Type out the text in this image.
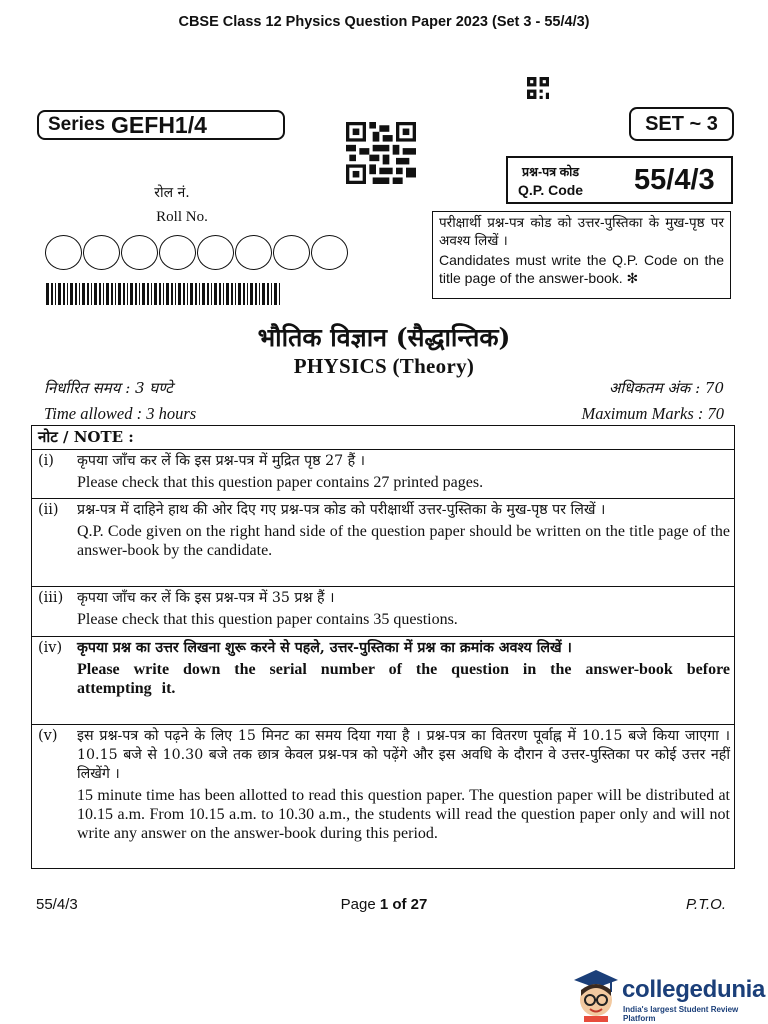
CBSE Class 12 Physics Question Paper 2023 (Set 3 - 55/4/3)
Series GEFH1/4	SET ~ 3
प्रश्न-पत्र कोड
Q.P. Code 55/4/3
रोल नं.
Roll No.	परीक्षार्थी प्रश्न-पत्र कोड को उत्तर-पुस्तिका के मुख-पृष्ठ पर अवश्य लिखें ।
Candidates must write the Q.P. Code on the title page of the answer-book. ✻
भौतिक विज्ञान (सैद्धान्तिक)
PHYSICS (Theory)
निर्धारित समय : 3 घण्टे	अधिकतम अंक : 70
Time allowed : 3 hours	Maximum Marks : 70
नोट / NOTE :
(i) कृपया जाँच कर लें कि इस प्रश्न-पत्र में मुद्रित पृष्ठ 27 हैं ।
Please check that this question paper contains 27 printed pages.
(ii) प्रश्न-पत्र में दाहिने हाथ की ओर दिए गए प्रश्न-पत्र कोड को परीक्षार्थी उत्तर-पुस्तिका के मुख-पृष्ठ पर लिखें ।
Q.P. Code given on the right hand side of the question paper should be written on the title page of the answer-book by the candidate.
(iii) कृपया जाँच कर लें कि इस प्रश्न-पत्र में 35 प्रश्न हैं ।
Please check that this question paper contains 35 questions.
(iv) कृपया प्रश्न का उत्तर लिखना शुरू करने से पहले, उत्तर-पुस्तिका में प्रश्न का क्रमांक अवश्य लिखें ।
Please write down the serial number of the question in the answer-book before attempting it.
(v) इस प्रश्न-पत्र को पढ़ने के लिए 15 मिनट का समय दिया गया है । प्रश्न-पत्र का वितरण पूर्वाह्न में 10.15 बजे किया जाएगा । 10.15 बजे से 10.30 बजे तक छात्र केवल प्रश्न-पत्र को पढ़ेंगे और इस अवधि के दौरान वे उत्तर-पुस्तिका पर कोई उत्तर नहीं लिखेंगे ।
15 minute time has been allotted to read this question paper. The question paper will be distributed at 10.15 a.m. From 10.15 a.m. to 10.30 a.m., the students will read the question paper only and will not write any answer on the answer-book during this period.
55/4/3	Page 1 of 27	P.T.O.
collegedunia
India's largest Student Review Platform
